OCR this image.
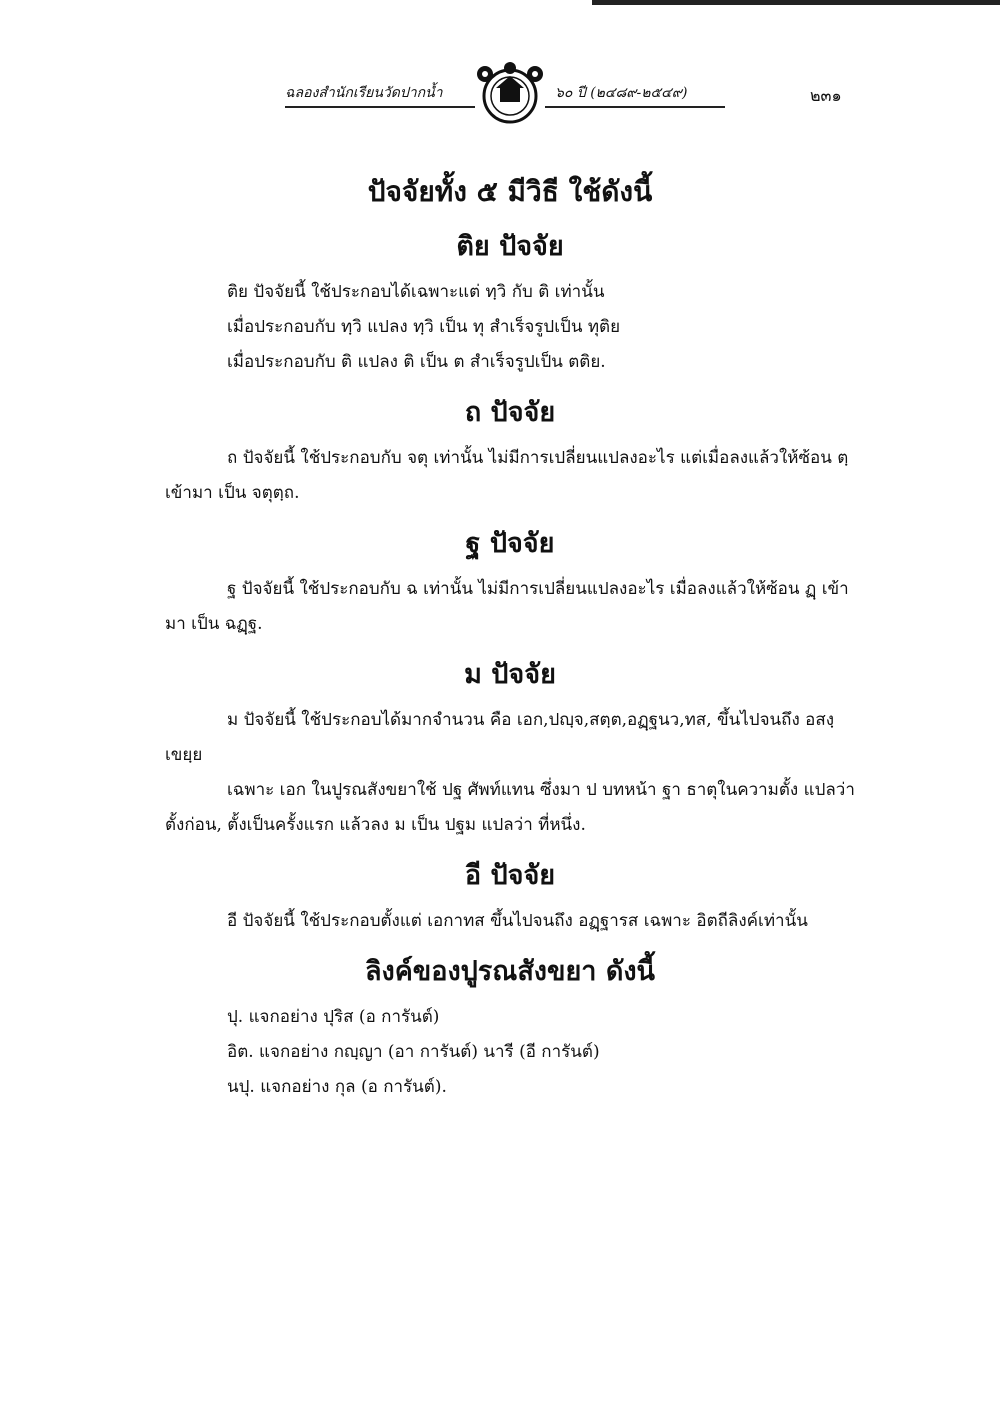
ฉลองสำนักเรียนวัดปากน้ำ	๖๐ ปี (๒๔๘๙-๒๕๔๙)	๒๓๑
ปัจจัยทั้ง ๕ มีวิธี ใช้ดังนี้
ติย ปัจจัย

ติย ปัจจัยนี้ ใช้ประกอบได้เฉพาะแต่ ทฺวิ กับ ติ เท่านั้น

เมื่อประกอบกับ ทฺวิ แปลง ทฺวิ เป็น ทุ สำเร็จรูปเป็น ทุติย

เมื่อประกอบกับ ติ แปลง ติ เป็น ต สำเร็จรูปเป็น ตติย.

ถ ปัจจัย

ถ ปัจจัยนี้ ใช้ประกอบกับ จตุ เท่านั้น ไม่มีการเปลี่ยนแปลงอะไร แต่เมื่อลงแล้วให้ซ้อน ตฺ เข้ามา เป็น จตุตฺถ.

ฐ ปัจจัย

ฐ ปัจจัยนี้ ใช้ประกอบกับ ฉ เท่านั้น ไม่มีการเปลี่ยนแปลงอะไร เมื่อลงแล้วให้ซ้อน ฏฺ เข้ามา เป็น ฉฏฺฐ.

ม ปัจจัย

ม ปัจจัยนี้ ใช้ประกอบได้มากจำนวน คือ เอก,ปญฺจ,สตฺต,อฏฺฐนว,ทส, ขึ้นไปจนถึง อสงฺเขยฺย

เฉพาะ เอก ในปูรณสังขยาใช้ ปฐ ศัพท์แทน ซึ่งมา ป บทหน้า ฐา ธาตุในความตั้ง แปลว่า ตั้งก่อน, ตั้งเป็นครั้งแรก แล้วลง ม เป็น ปฐม แปลว่า ที่หนึ่ง.

อี ปัจจัย

อี ปัจจัยนี้ ใช้ประกอบตั้งแต่ เอกาทส ขึ้นไปจนถึง อฏฺฐารส เฉพาะ อิตถีลิงค์เท่านั้น

ลิงค์ของปูรณสังขยา ดังนี้

ปุ. แจกอย่าง ปุริส (อ การันต์)

อิต. แจกอย่าง กญฺญา (อา การันต์) นารี (อี การันต์)

นปุ. แจกอย่าง กุล (อ การันต์).
